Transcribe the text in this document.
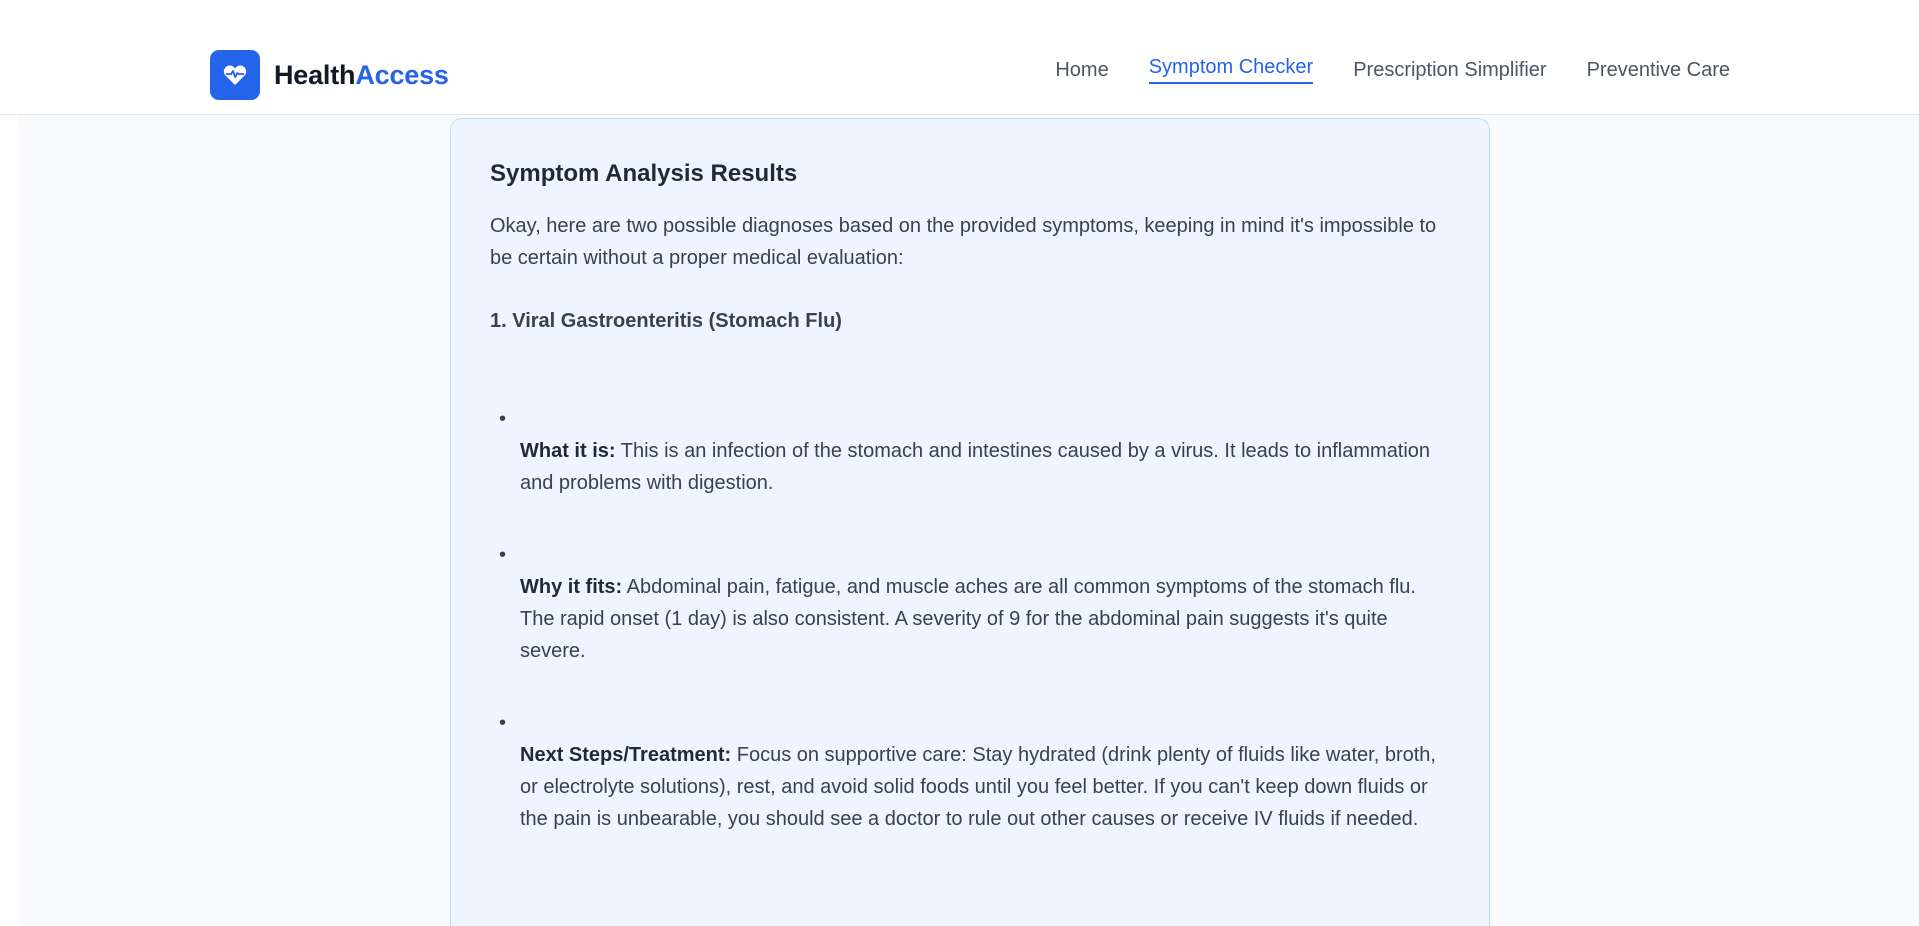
HealthAccess	Home Symptom Checker Prescription Simplifier Preventive Care
Symptom Analysis Results

Okay, here are two possible diagnoses based on the provided symptoms, keeping in mind it's impossible to be certain without a proper medical evaluation:

1. Viral Gastroenteritis (Stomach Flu)

•
What it is: This is an infection of the stomach and intestines caused by a virus. It leads to inflammation and problems with digestion.
•
Why it fits: Abdominal pain, fatigue, and muscle aches are all common symptoms of the stomach flu. The rapid onset (1 day) is also consistent. A severity of 9 for the abdominal pain suggests it's quite severe.
•
Next Steps/Treatment: Focus on supportive care: Stay hydrated (drink plenty of fluids like water, broth, or electrolyte solutions), rest, and avoid solid foods until you feel better. If you can't keep down fluids or the pain is unbearable, you should see a doctor to rule out other causes or receive IV fluids if needed.
